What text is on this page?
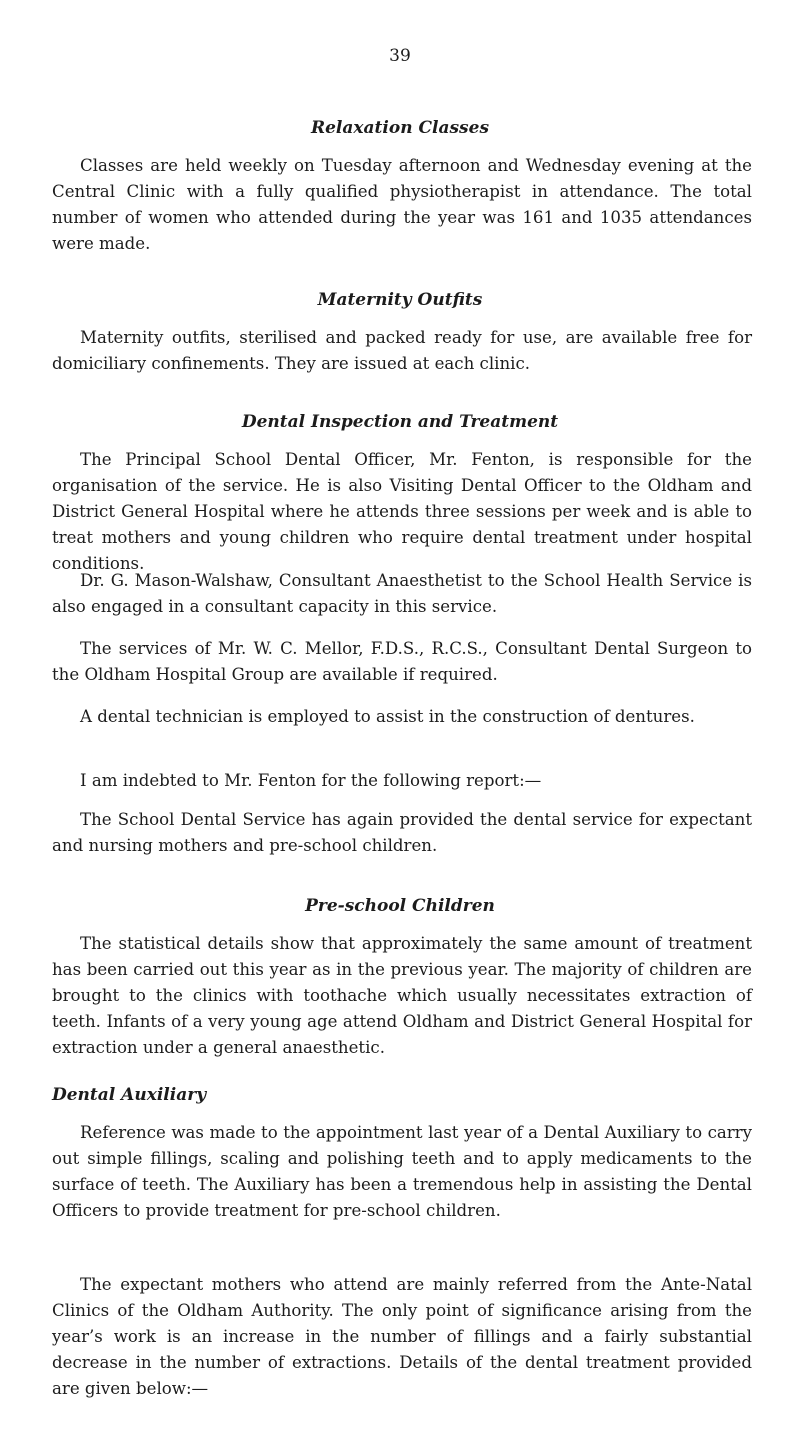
39
Relaxation Classes

Classes are held weekly on Tuesday afternoon and Wednesday evening at the Central Clinic with a fully qualified physiotherapist in attendance. The total number of women who attended during the year was 161 and 1035 attendances were made.

Maternity Outfits

Maternity outfits, sterilised and packed ready for use, are available free for domiciliary confinements. They are issued at each clinic.

Dental Inspection and Treatment

The Principal School Dental Officer, Mr. Fenton, is responsible for the organisation of the service. He is also Visiting Dental Officer to the Oldham and District General Hospital where he attends three sessions per week and is able to treat mothers and young children who require dental treatment under hospital conditions.

Dr. G. Mason-Walshaw, Consultant Anaesthetist to the School Health Service is also engaged in a consultant capacity in this service.

The services of Mr. W. C. Mellor, F.D.S., R.C.S., Consultant Dental Surgeon to the Oldham Hospital Group are available if required.

A dental technician is employed to assist in the construction of dentures.

I am indebted to Mr. Fenton for the following report:—

The School Dental Service has again provided the dental service for expectant and nursing mothers and pre-school children.

Pre-school Children

The statistical details show that approximately the same amount of treatment has been carried out this year as in the previous year. The majority of children are brought to the clinics with toothache which usually necessitates extraction of teeth. Infants of a very young age attend Oldham and District General Hospital for extraction under a general anaesthetic.

Dental Auxiliary

Reference was made to the appointment last year of a Dental Auxiliary to carry out simple fillings, scaling and polishing teeth and to apply medicaments to the surface of teeth. The Auxiliary has been a tremendous help in assisting the Dental Officers to provide treatment for pre-school children.

The expectant mothers who attend are mainly referred from the Ante-Natal Clinics of the Oldham Authority. The only point of significance arising from the year’s work is an increase in the number of fillings and a fairly substantial decrease in the number of extractions. Details of the dental treatment provided are given below:—
